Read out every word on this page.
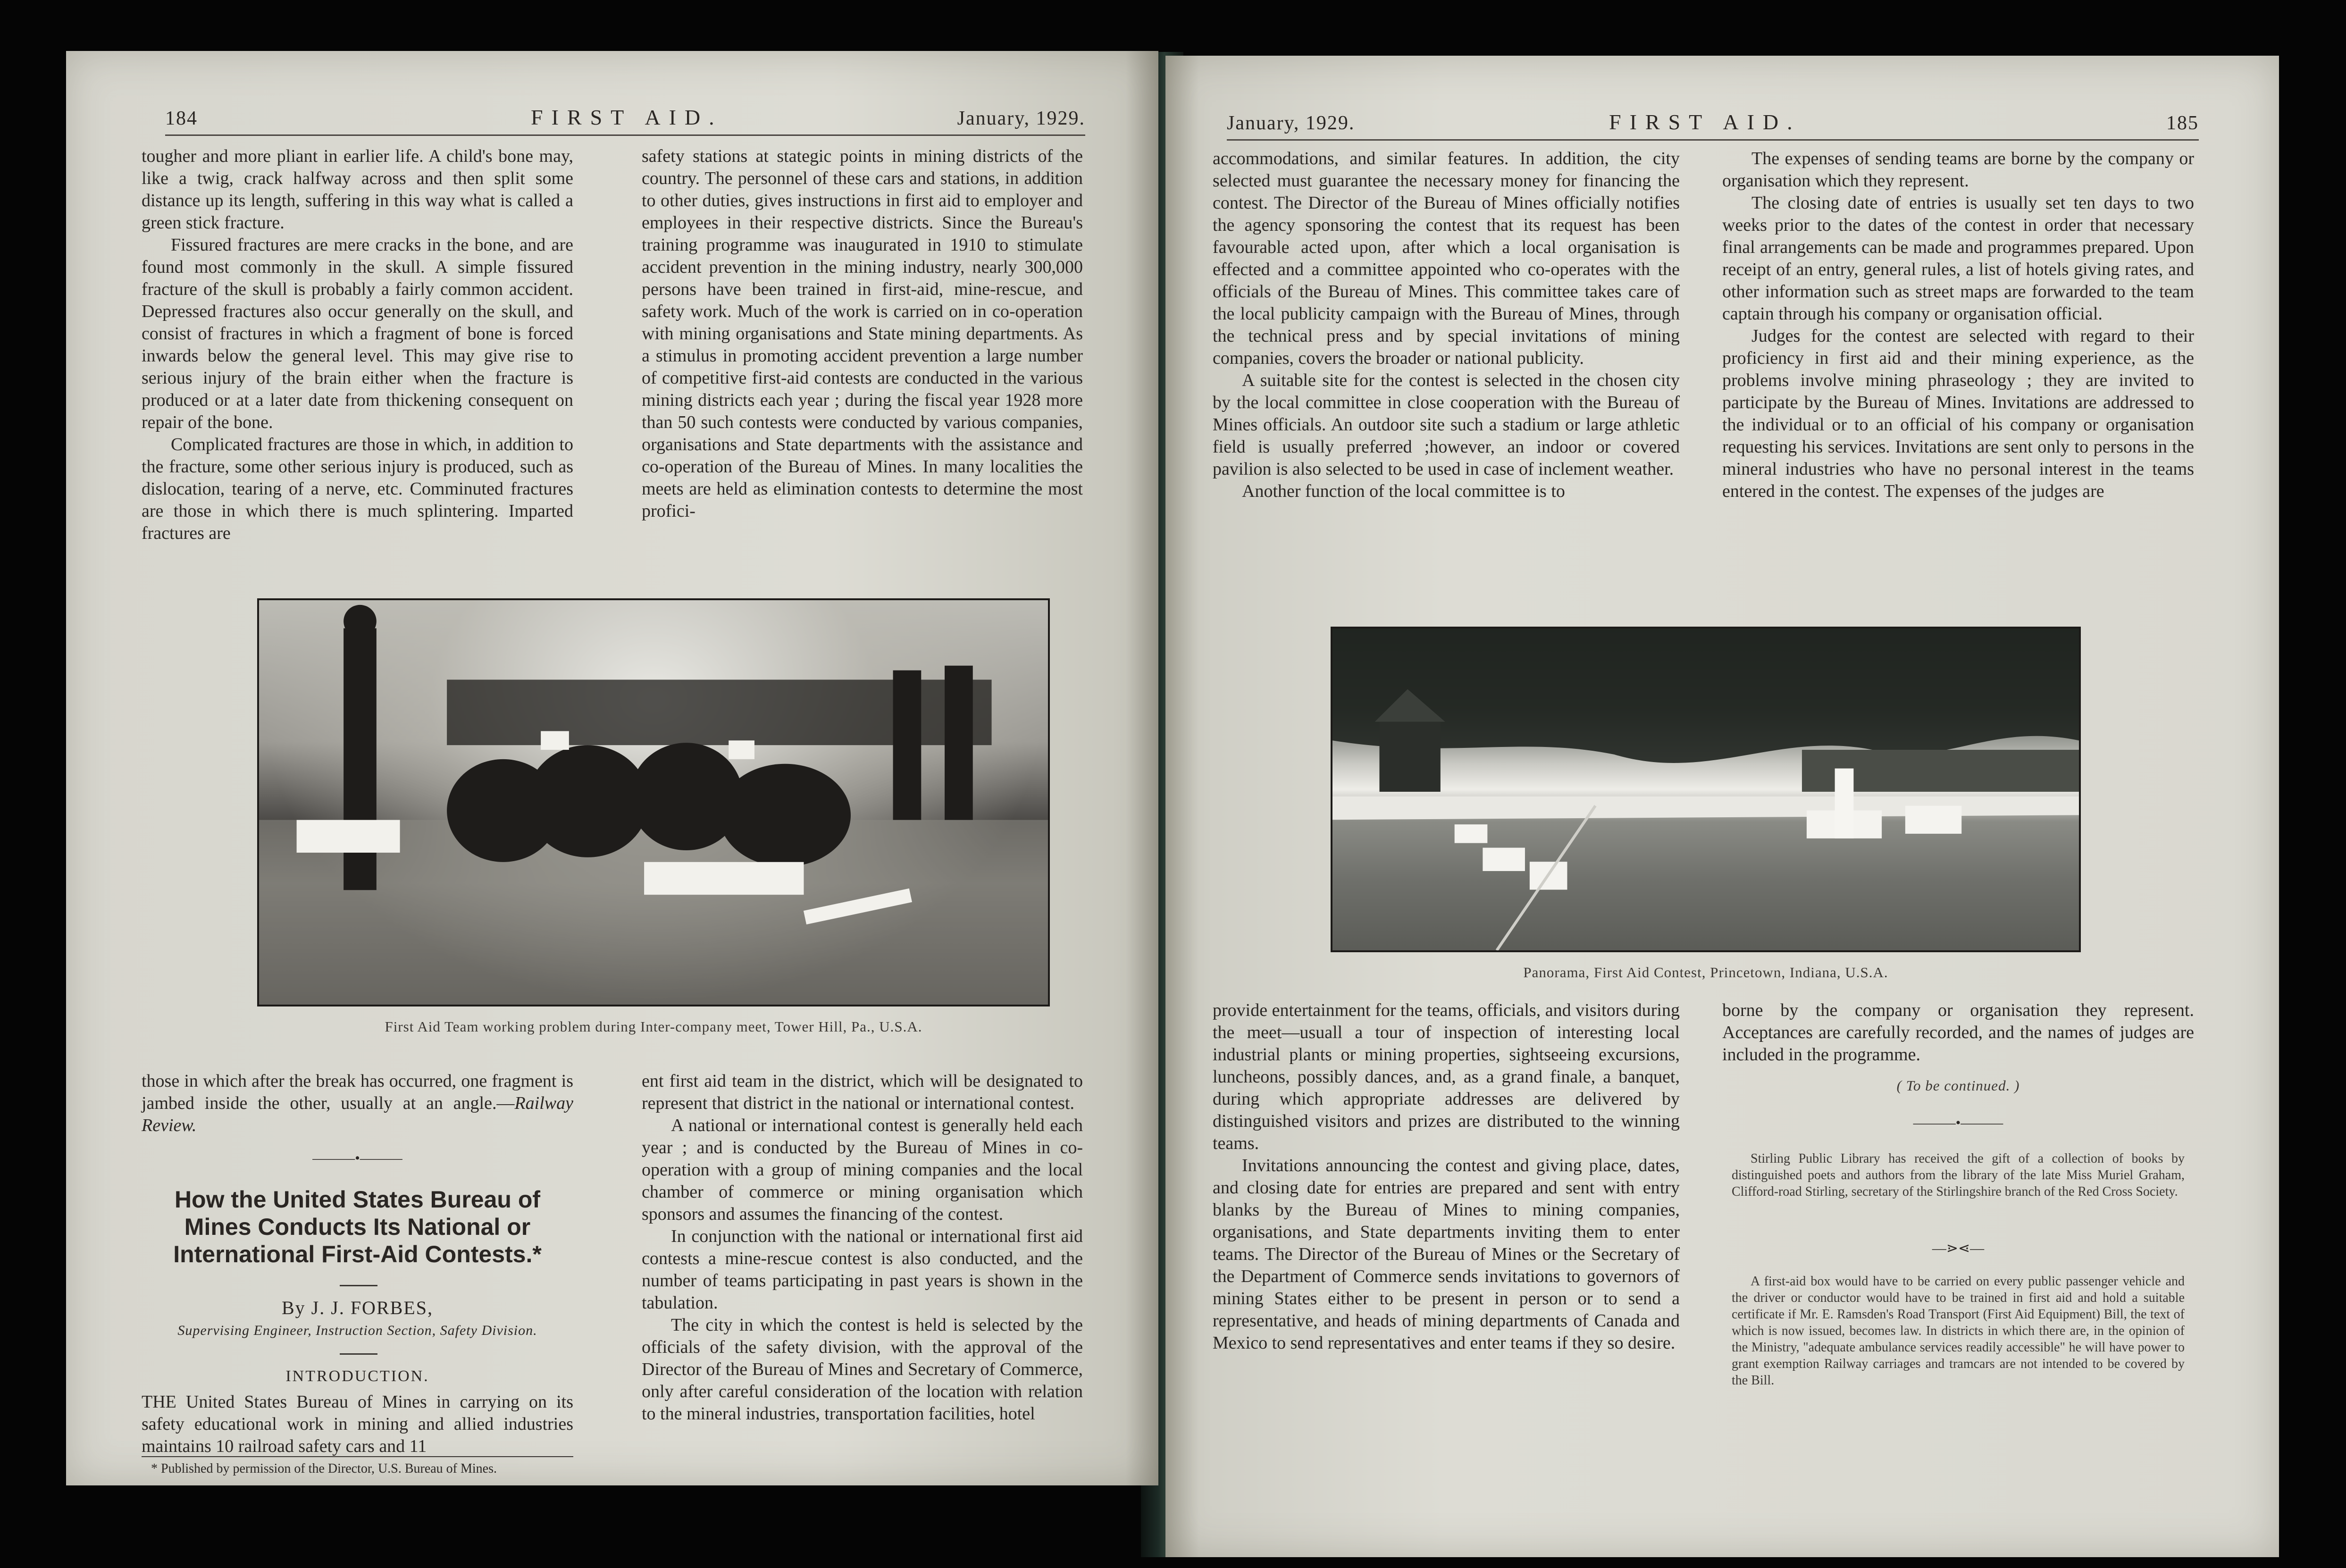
184	FIRST AID.	January, 1929.

tougher and more pliant in earlier life. A child's bone may, like a twig, crack halfway across and then split some distance up its length, suffering in this way what is called a green stick fracture.

Fissured fractures are mere cracks in the bone, and are found most commonly in the skull. A simple fissured fracture of the skull is probably a fairly common accident. Depressed fractures also occur generally on the skull, and consist of fractures in which a fragment of bone is forced inwards below the general level. This may give rise to serious injury of the brain either when the fracture is produced or at a later date from thickening consequent on repair of the bone.

Complicated fractures are those in which, in addition to the fracture, some other serious injury is produced, such as dislocation, tearing of a nerve, etc. Comminuted fractures are those in which there is much splintering. Imparted fractures are

safety stations at stategic points in mining districts of the country. The personnel of these cars and stations, in addition to other duties, gives instructions in first aid to employer and employees in their respective districts. Since the Bureau's training programme was inaugurated in 1910 to stimulate accident prevention in the mining industry, nearly 300,000 persons have been trained in first-aid, mine-rescue, and safety work. Much of the work is carried on in co-operation with mining organisations and State mining departments. As a stimulus in promoting accident prevention a large number of competitive first-aid contests are conducted in the various mining districts each year ; during the fiscal year 1928 more than 50 such contests were conducted by various companies, organisations and State departments with the assistance and co-operation of the Bureau of Mines. In many localities the meets are held as elimination contests to determine the most profici-

First Aid Team working problem during Inter-company meet, Tower Hill, Pa., U.S.A.

those in which after the break has occurred, one fragment is jambed inside the other, usually at an angle.—Railway Review.

———•———
How the United States Bureau of Mines Conducts Its National or International First-Aid Contests.*
By J. J. FORBES,
Supervising Engineer, Instruction Section, Safety Division.
INTRODUCTION.

THE United States Bureau of Mines in carrying on its safety educational work in mining and allied industries maintains 10 railroad safety cars and 11

* Published by permission of the Director, U.S. Bureau of Mines.

ent first aid team in the district, which will be designated to represent that district in the national or international contest.

A national or international contest is generally held each year ; and is conducted by the Bureau of Mines in co-operation with a group of mining companies and the local chamber of commerce or mining organisation which sponsors and assumes the financing of the contest.

In conjunction with the national or international first aid contests a mine-rescue contest is also conducted, and the number of teams participating in past years is shown in the tabulation.

The city in which the contest is held is selected by the officials of the safety division, with the approval of the Director of the Bureau of Mines and Secretary of Commerce, only after careful consideration of the location with relation to the mineral industries, transportation facilities, hotel

January, 1929.	FIRST AID.	185

accommodations, and similar features. In addition, the city selected must guarantee the necessary money for financing the contest. The Director of the Bureau of Mines officially notifies the agency sponsoring the contest that its request has been favourable acted upon, after which a local organisation is effected and a committee appointed who co-operates with the officials of the Bureau of Mines. This committee takes care of the local publicity campaign with the Bureau of Mines, through the technical press and by special invitations of mining companies, covers the broader or national publicity.

A suitable site for the contest is selected in the chosen city by the local committee in close cooperation with the Bureau of Mines officials. An outdoor site such a stadium or large athletic field is usually preferred ;however, an indoor or covered pavilion is also selected to be used in case of inclement weather.

Another function of the local committee is to

The expenses of sending teams are borne by the company or organisation which they represent.

The closing date of entries is usually set ten days to two weeks prior to the dates of the contest in order that necessary final arrangements can be made and programmes prepared. Upon receipt of an entry, general rules, a list of hotels giving rates, and other information such as street maps are forwarded to the team captain through his company or organisation official.

Judges for the contest are selected with regard to their proficiency in first aid and their mining experience, as the problems involve mining phraseology ; they are invited to participate by the Bureau of Mines. Invitations are addressed to the individual or to an official of his company or organisation requesting his services. Invitations are sent only to persons in the mineral industries who have no personal interest in the teams entered in the contest. The expenses of the judges are

Panorama, First Aid Contest, Princetown, Indiana, U.S.A.

provide entertainment for the teams, officials, and visitors during the meet—usuall a tour of inspection of interesting local industrial plants or mining properties, sightseeing excursions, luncheons, possibly dances, and, as a grand finale, a banquet, during which appropriate addresses are delivered by distinguished visitors and prizes are distributed to the winning teams.

Invitations announcing the contest and giving place, dates, and closing date for entries are prepared and sent with entry blanks by the Bureau of Mines to mining companies, organisations, and State departments inviting them to enter teams. The Director of the Bureau of Mines or the Secretary of the Department of Commerce sends invitations to governors of mining States either to be present in person or to send a representative, and heads of mining departments of Canada and Mexico to send representatives and enter teams if they so desire.

borne by the company or organisation they represent. Acceptances are carefully recorded, and the names of judges are included in the programme.

( To be continued. )
———•———

Stirling Public Library has received the gift of a collection of books by distinguished poets and authors from the library of the late Miss Muriel Graham, Clifford-road Stirling, secretary of the Stirlingshire branch of the Red Cross Society.

—⋗⋖—

A first-aid box would have to be carried on every public passenger vehicle and the driver or conductor would have to be trained in first aid and hold a suitable certificate if Mr. E. Ramsden's Road Transport (First Aid Equipment) Bill, the text of which is now issued, becomes law. In districts in which there are, in the opinion of the Ministry, "adequate ambulance services readily accessible" he will have power to grant exemption Railway carriages and tramcars are not intended to be covered by the Bill.
